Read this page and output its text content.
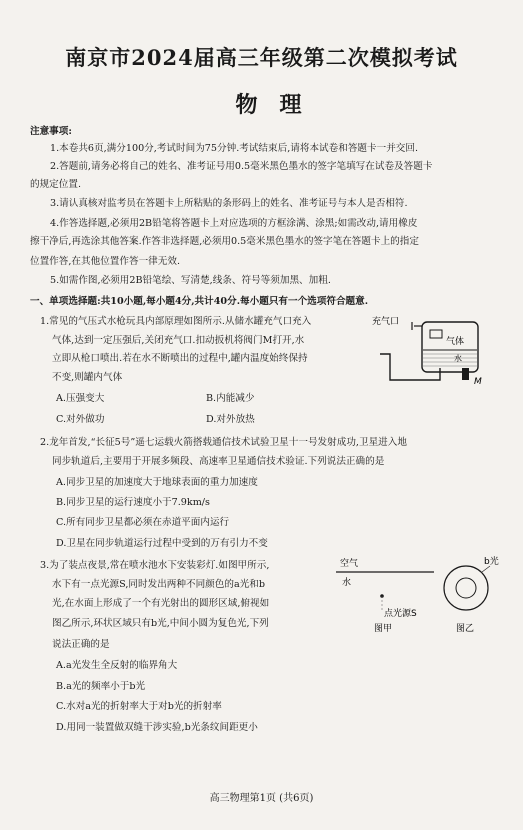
南京市2024届高三年级第二次模拟考试
物理
注意事项:
1.本卷共6页,满分100分,考试时间为75分钟.考试结束后,请将本试卷和答题卡一并交回.
2.答题前,请务必将自己的姓名、准考证号用0.5毫米黑色墨水的签字笔填写在试卷及答题卡
的规定位置.
3.请认真核对监考员在答题卡上所粘贴的条形码上的姓名、准考证号与本人是否相符.
4.作答选择题,必须用2B铅笔将答题卡上对应选项的方框涂满、涂黑;如需改动,请用橡皮
擦干净后,再选涂其他答案.作答非选择题,必须用0.5毫米黑色墨水的签字笔在答题卡上的指定
位置作答,在其他位置作答一律无效.
5.如需作图,必须用2B铅笔绘、写清楚,线条、符号等须加黑、加粗.
一、单项选择题:共10小题,每小题4分,共计40分.每小题只有一个选项符合题意.
1.常见的气压式水枪玩具内部原理如图所示.从储水罐充气口充入
气体,达到一定压强后,关闭充气口.扣动扳机将阀门M打开,水
立即从枪口喷出.若在水不断喷出的过程中,罐内温度始终保持
不变,则罐内气体
A.压强变大	B.内能减少
C.对外做功	D.对外放热
充气口
气体
水
M
2.龙年首发,“长征5号”遥七运载火箭搭载通信技术试验卫星十一号发射成功,卫星进入地
同步轨道后,主要用于开展多频段、高速率卫星通信技术验证.下列说法正确的是
A.同步卫星的加速度大于地球表面的重力加速度
B.同步卫星的运行速度小于7.9km/s
C.所有同步卫星都必须在赤道平面内运行
D.卫星在同步轨道运行过程中受到的万有引力不变
3.为了装点夜景,常在喷水池水下安装彩灯.如图甲所示,
水下有一点光源S,同时发出两种不同颜色的a光和b
光,在水面上形成了一个有光射出的圆形区域,俯视如
图乙所示,环状区域只有b光,中间小圆为复色光,下列
说法正确的是
A.a光发生全反射的临界角大
B.a光的频率小于b光
C.水对a光的折射率大于对b光的折射率
D.用同一装置做双缝干涉实验,b光条纹间距更小
空气
水
点光源S
图甲
b光
图乙
高三物理第1页 (共6页)
